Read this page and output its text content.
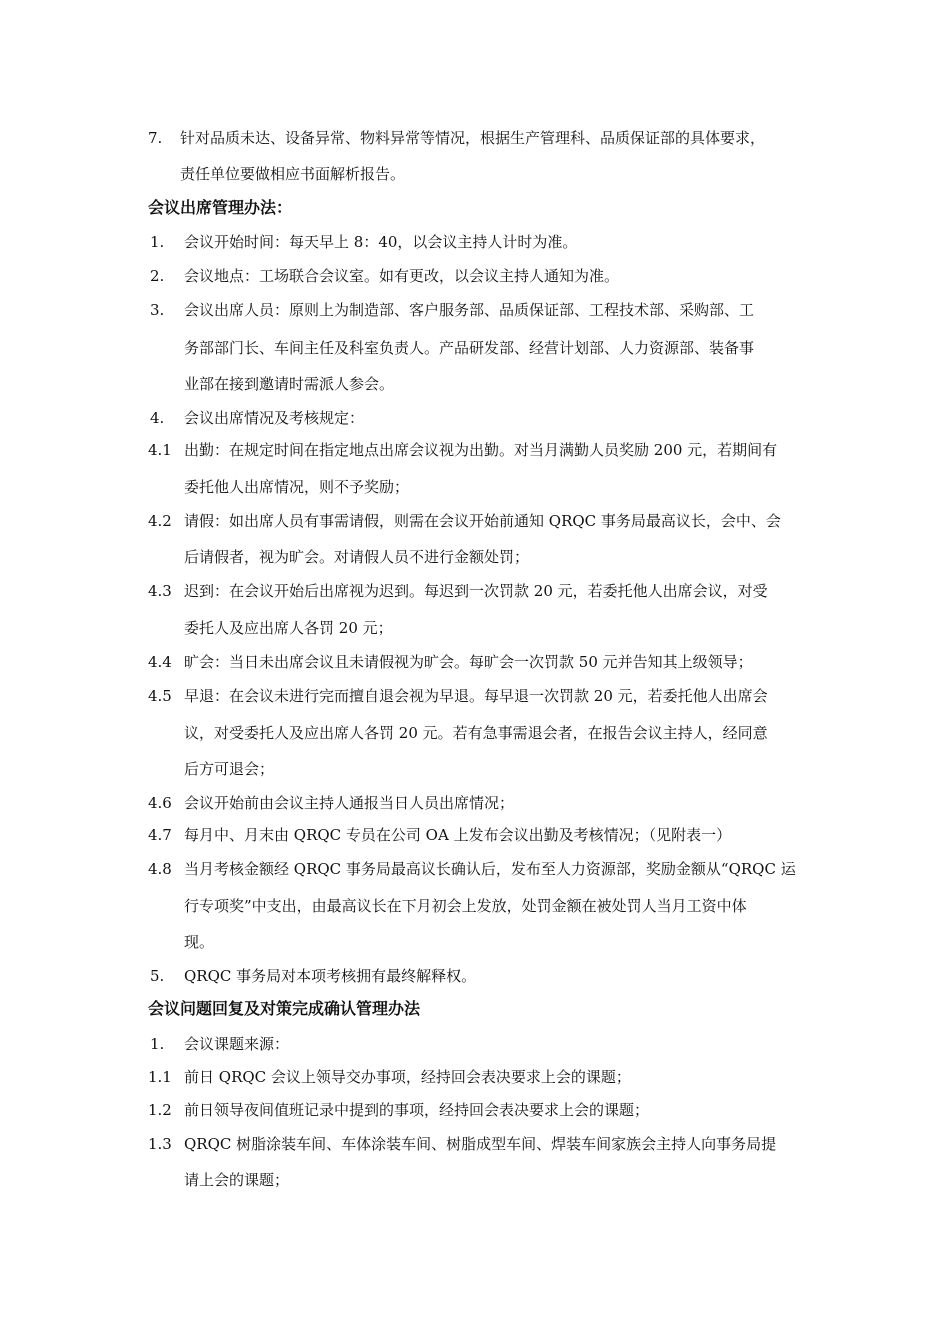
7. 针对品质未达、设备异常、物料异常等情况，根据生产管理科、品质保证部的具体要求，
责任单位要做相应书面解析报告。
会议出席管理办法：
1. 会议开始时间：每天早上 8：40，以会议主持人计时为准。
2. 会议地点：工场联合会议室。如有更改，以会议主持人通知为准。
3. 会议出席人员：原则上为制造部、客户服务部、品质保证部、工程技术部、采购部、工
务部部门长、车间主任及科室负责人。产品研发部、经营计划部、人力资源部、装备事
业部在接到邀请时需派人参会。
4. 会议出席情况及考核规定：
4.1 出勤：在规定时间在指定地点出席会议视为出勤。对当月满勤人员奖励 200 元，若期间有
委托他人出席情况，则不予奖励；
4.2 请假：如出席人员有事需请假，则需在会议开始前通知 QRQC 事务局最高议长，会中、会
后请假者，视为旷会。对请假人员不进行金额处罚；
4.3 迟到：在会议开始后出席视为迟到。每迟到一次罚款 20 元，若委托他人出席会议，对受
委托人及应出席人各罚 20 元；
4.4 旷会：当日未出席会议且未请假视为旷会。每旷会一次罚款 50 元并告知其上级领导；
4.5 早退：在会议未进行完而擅自退会视为早退。每早退一次罚款 20 元，若委托他人出席会
议，对受委托人及应出席人各罚 20 元。若有急事需退会者，在报告会议主持人，经同意
后方可退会；
4.6 会议开始前由会议主持人通报当日人员出席情况；
4.7 每月中、月末由 QRQC 专员在公司 OA 上发布会议出勤及考核情况；（见附表一）
4.8 当月考核金额经 QRQC 事务局最高议长确认后，发布至人力资源部，奖励金额从“QRQC 运
行专项奖”中支出，由最高议长在下月初会上发放，处罚金额在被处罚人当月工资中体
现。
5. QRQC 事务局对本项考核拥有最终解释权。
会议问题回复及对策完成确认管理办法
1. 会议课题来源：
1.1 前日 QRQC 会议上领导交办事项，经持回会表决要求上会的课题；
1.2 前日领导夜间值班记录中提到的事项，经持回会表决要求上会的课题；
1.3 QRQC 树脂涂装车间、车体涂装车间、树脂成型车间、焊装车间家族会主持人向事务局提
请上会的课题；
